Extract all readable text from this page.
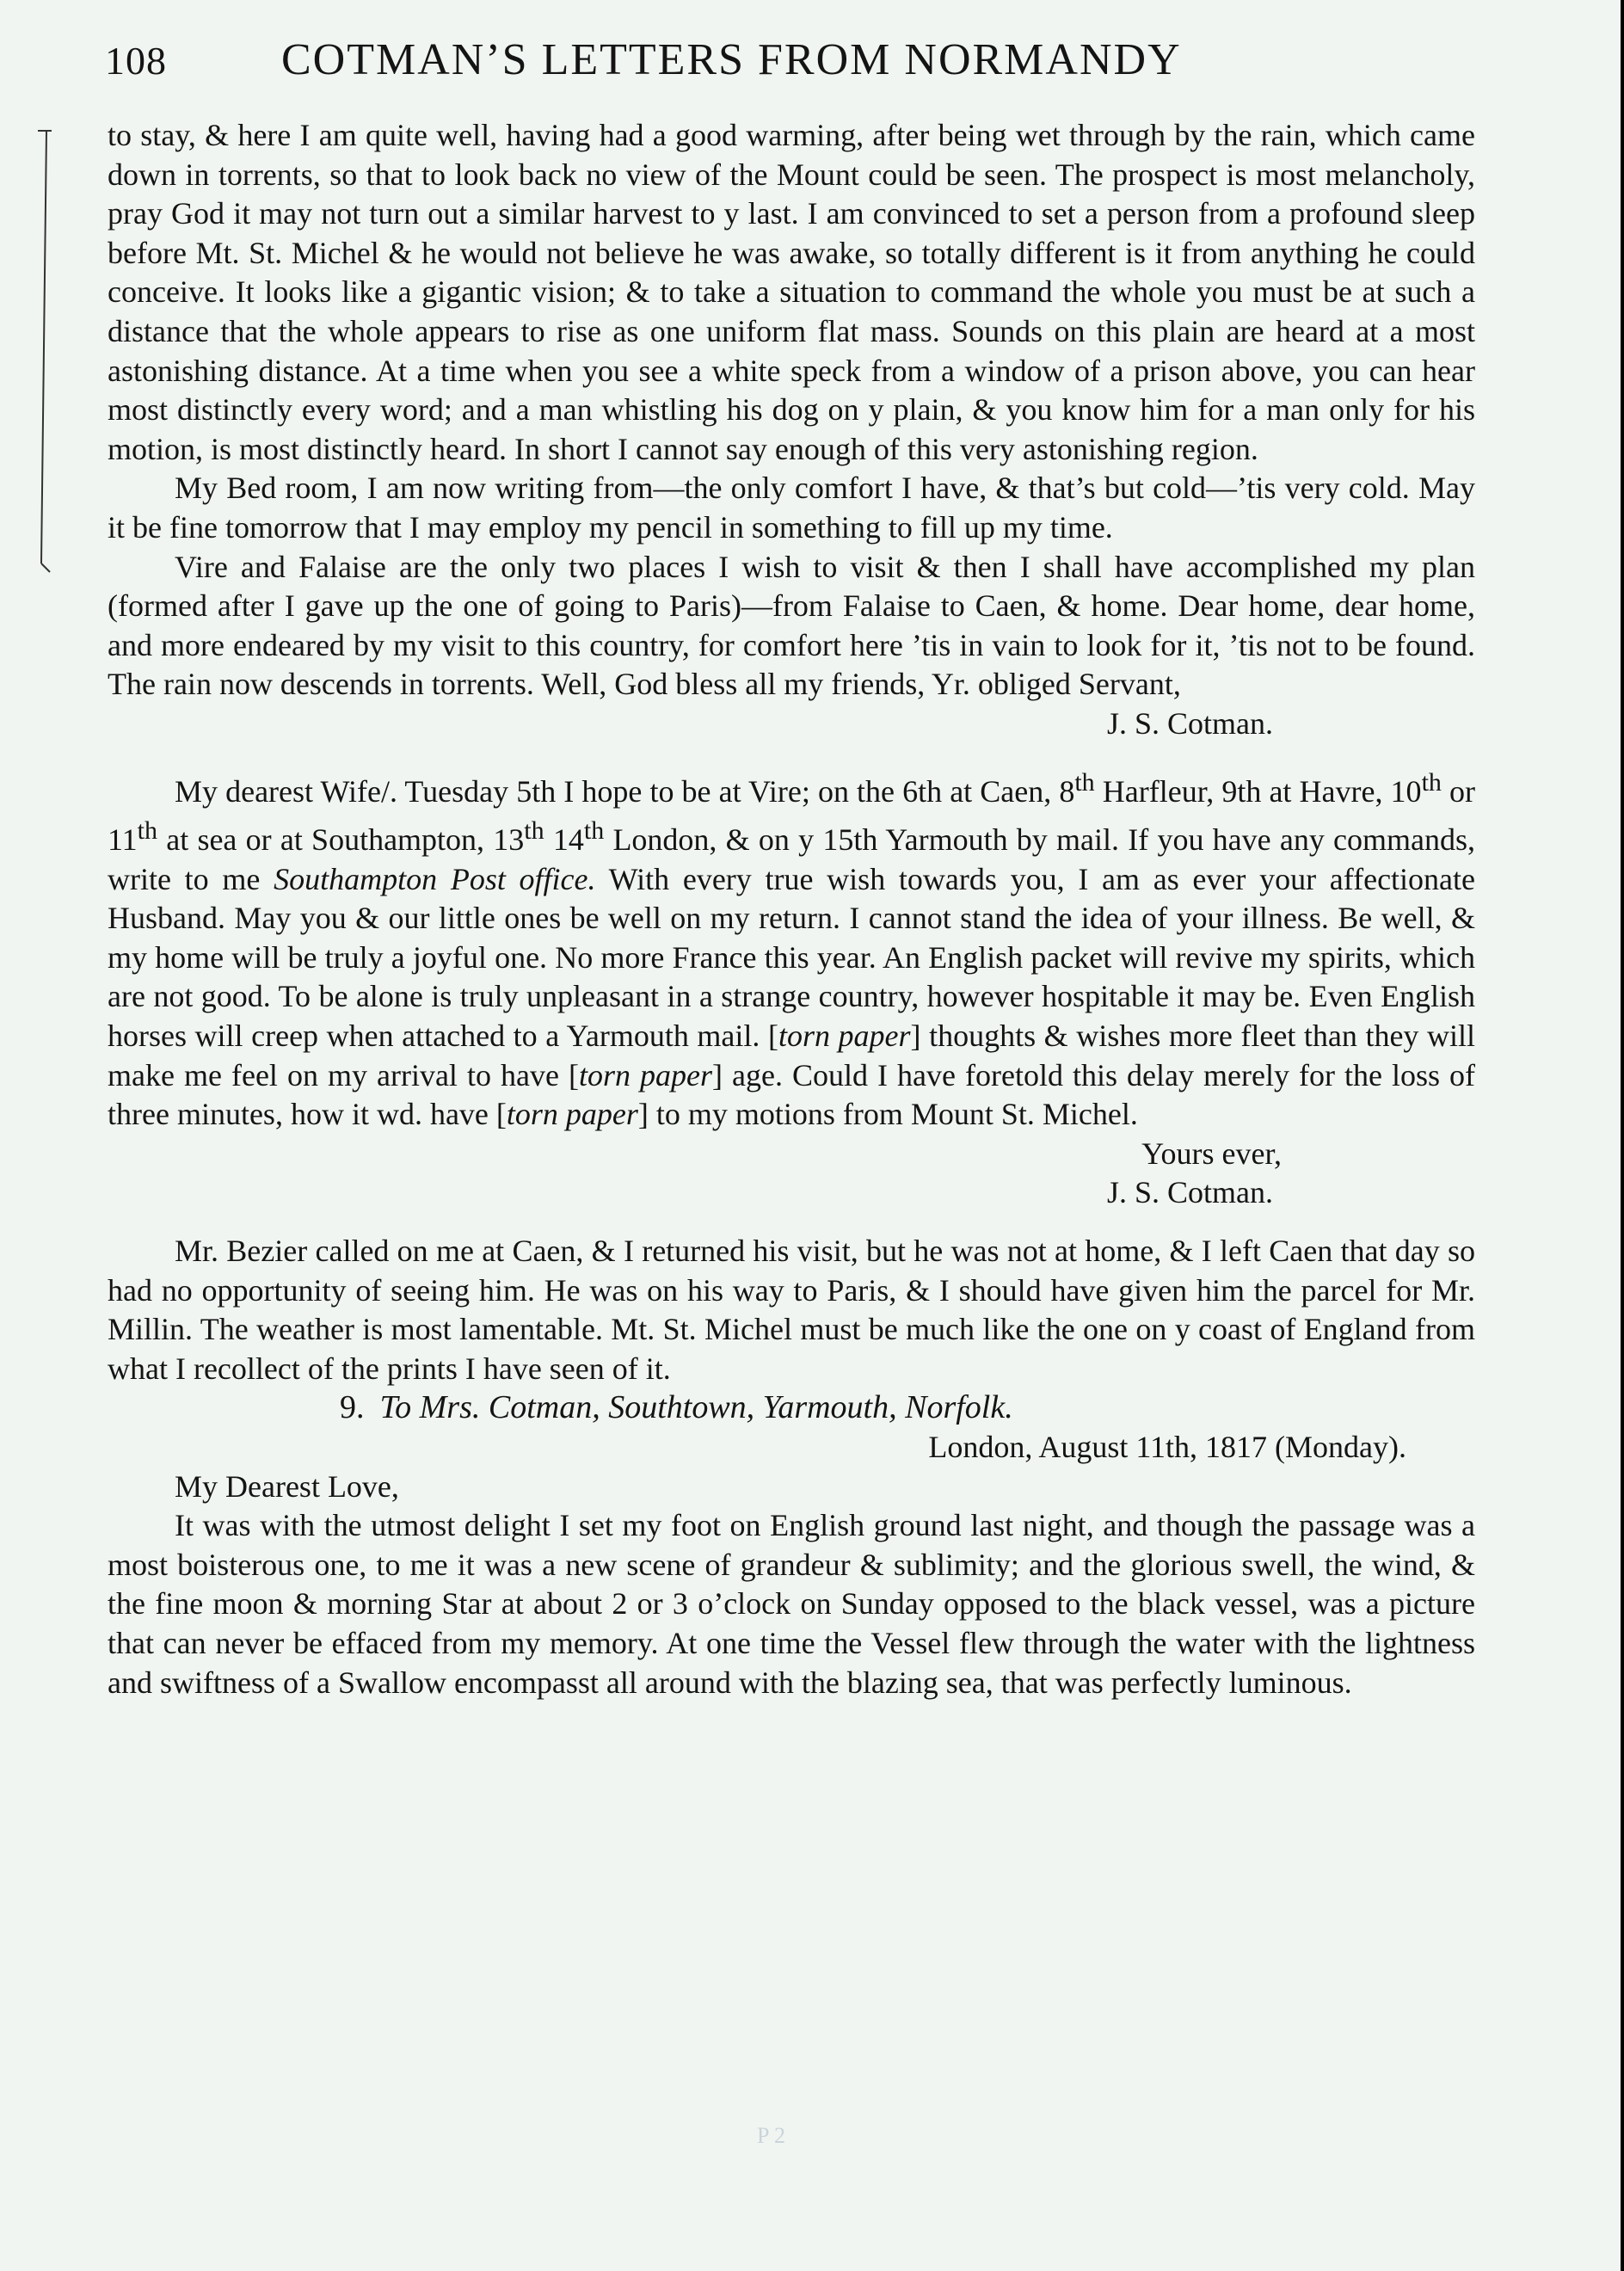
108	COTMAN’S LETTERS FROM NORMANDY

to stay, & here I am quite well, having had a good warming, after being wet through by the rain, which came down in torrents, so that to look back no view of the Mount could be seen. The prospect is most melancholy, pray God it may not turn out a similar harvest to y last. I am convinced to set a person from a profound sleep before Mt. St. Michel & he would not believe he was awake, so totally different is it from anything he could conceive. It looks like a gigantic vision; & to take a situation to command the whole you must be at such a distance that the whole appears to rise as one uniform flat mass. Sounds on this plain are heard at a most astonishing distance. At a time when you see a white speck from a window of a prison above, you can hear most distinctly every word; and a man whistling his dog on y plain, & you know him for a man only for his motion, is most distinctly heard. In short I cannot say enough of this very astonishing region.

My Bed room, I am now writing from—the only comfort I have, & that’s but cold—’tis very cold. May it be fine tomorrow that I may employ my pencil in something to fill up my time.

Vire and Falaise are the only two places I wish to visit & then I shall have accomplished my plan (formed after I gave up the one of going to Paris)—from Falaise to Caen, & home. Dear home, dear home, and more endeared by my visit to this country, for comfort here ’tis in vain to look for it, ’tis not to be found. The rain now descends in torrents. Well, God bless all my friends, Yr. obliged Servant,

J. S. Cotman.

My dearest Wife/. Tuesday 5th I hope to be at Vire; on the 6th at Caen, 8th Harfleur, 9th at Havre, 10th or 11th at sea or at Southampton, 13th 14th London, & on y 15th Yarmouth by mail. If you have any commands, write to me Southampton Post office. With every true wish towards you, I am as ever your affectionate Husband. May you & our little ones be well on my return. I cannot stand the idea of your illness. Be well, & my home will be truly a joyful one. No more France this year. An English packet will revive my spirits, which are not good. To be alone is truly unpleasant in a strange country, however hospitable it may be. Even English horses will creep when attached to a Yarmouth mail. [torn paper] thoughts & wishes more fleet than they will make me feel on my arrival to have [torn paper] age. Could I have foretold this delay merely for the loss of three minutes, how it wd. have [torn paper] to my motions from Mount St. Michel.

Yours ever,

J. S. Cotman.

Mr. Bezier called on me at Caen, & I returned his visit, but he was not at home, & I left Caen that day so had no opportunity of seeing him. He was on his way to Paris, & I should have given him the parcel for Mr. Millin. The weather is most lamentable. Mt. St. Michel must be much like the one on y coast of England from what I recollect of the prints I have seen of it.

9. To Mrs. Cotman, Southtown, Yarmouth, Norfolk.

London, August 11th, 1817 (Monday).

My Dearest Love,

It was with the utmost delight I set my foot on English ground last night, and though the passage was a most boisterous one, to me it was a new scene of grandeur & sublimity; and the glorious swell, the wind, & the fine moon & morning Star at about 2 or 3 o’clock on Sunday opposed to the black vessel, was a picture that can never be effaced from my memory. At one time the Vessel flew through the water with the lightness and swiftness of a Swallow encompasst all around with the blazing sea, that was perfectly luminous.

P 2
